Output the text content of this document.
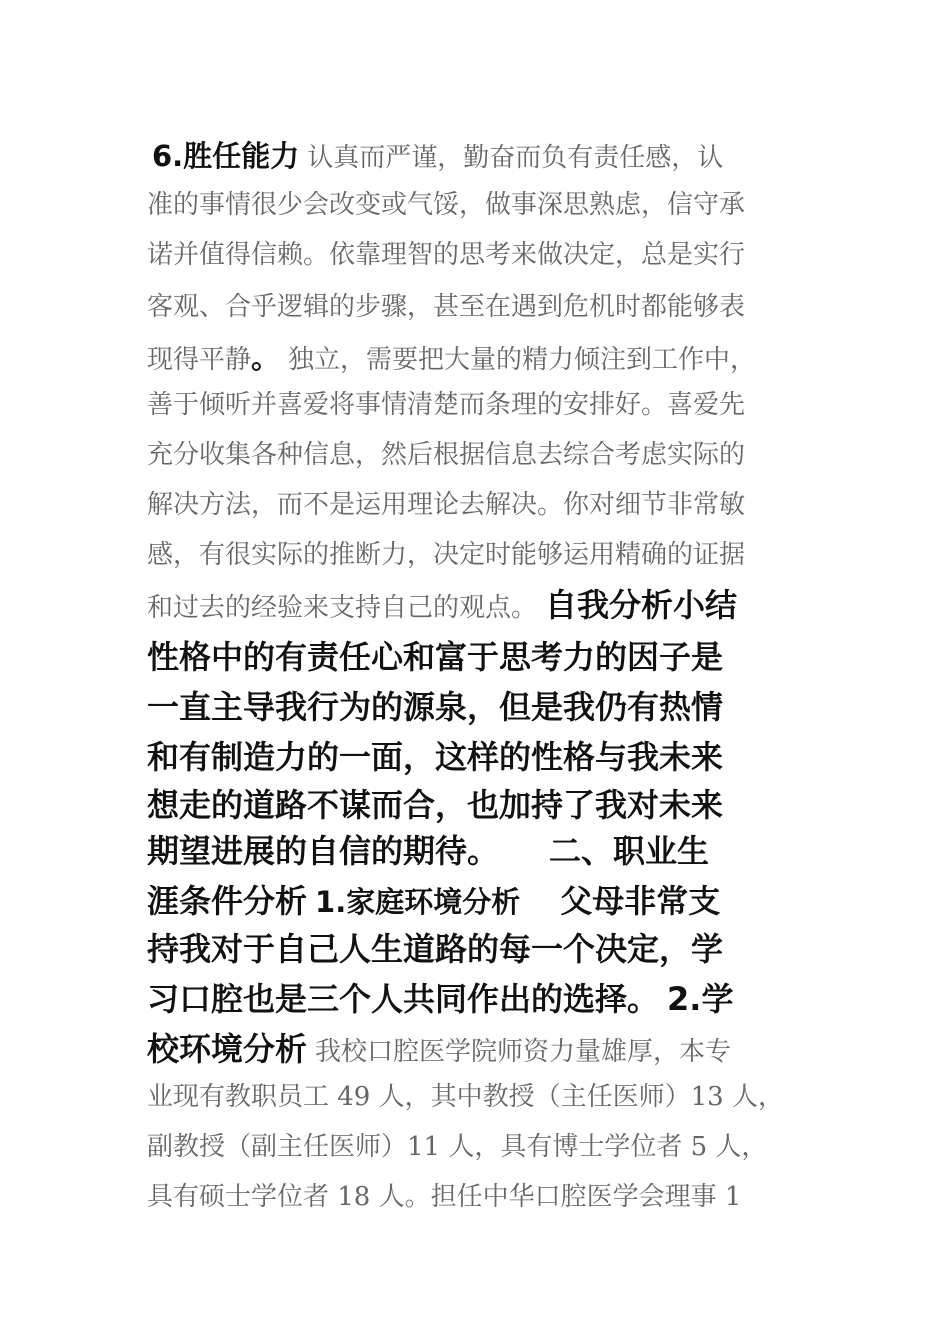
6.胜任能力 认真而严谨，勤奋而负有责任感，认
准的事情很少会改变或气馁，做事深思熟虑，信守承
诺并值得信赖。依靠理智的思考来做决定，总是实行
客观、合乎逻辑的步骤，甚至在遇到危机时都能够表
现得平静。 独立，需要把大量的精力倾注到工作中，
善于倾听并喜爱将事情清楚而条理的安排好。喜爱先
充分收集各种信息，然后根据信息去综合考虑实际的
解决方法，而不是运用理论去解决。你对细节非常敏
感，有很实际的推断力，决定时能够运用精确的证据
和过去的经验来支持自己的观点。 自我分析小结
性格中的有责任心和富于思考力的因子是
一直主导我行为的源泉，但是我仍有热情
和有制造力的一面，这样的性格与我未来
想走的道路不谋而合，也加持了我对未来
期望进展的自信的期待。 二、职业生
涯条件分析 1.家庭环境分析 父母非常支
持我对于自己人生道路的每一个决定，学
习口腔也是三个人共同作出的选择。 2.学
校环境分析 我校口腔医学院师资力量雄厚，本专
业现有教职员工 49 人，其中教授（主任医师）13 人，
副教授（副主任医师）11 人，具有博士学位者 5 人，
具有硕士学位者 18 人。担任中华口腔医学会理事 1
